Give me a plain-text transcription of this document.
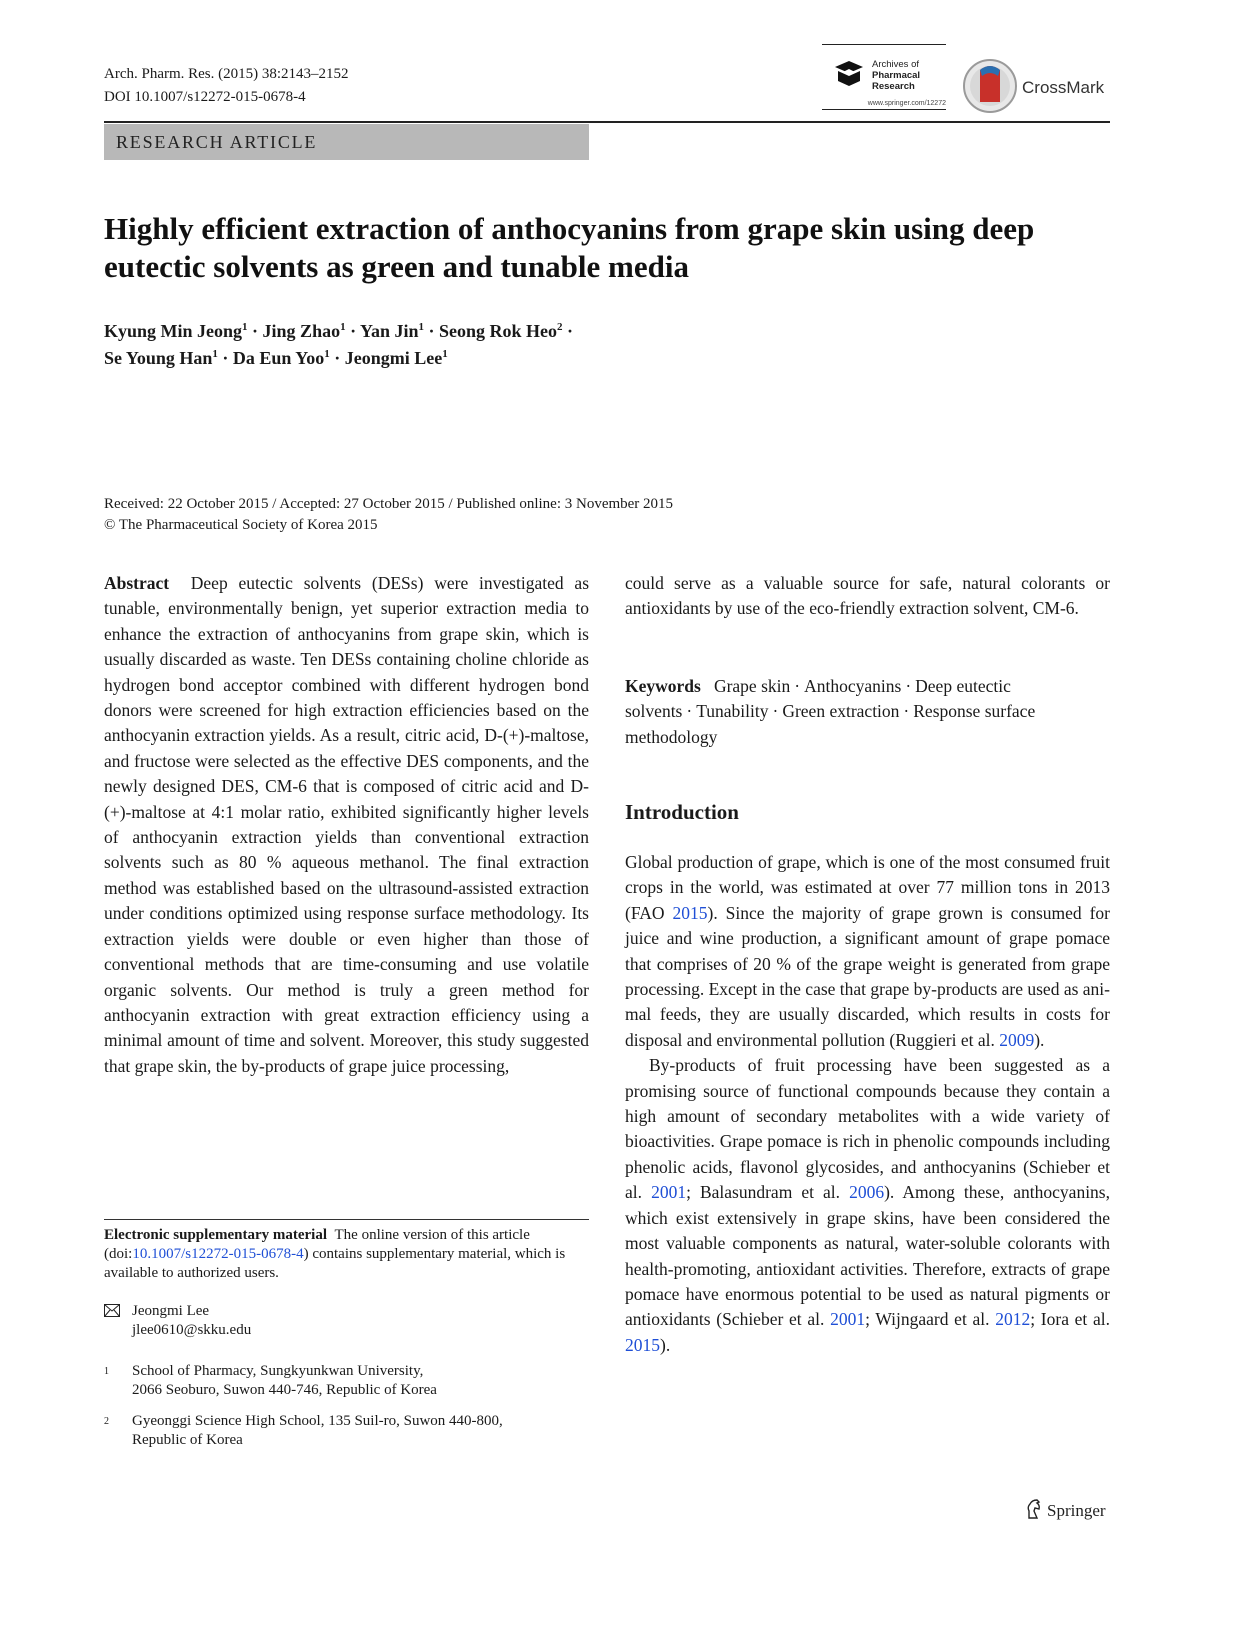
Arch. Pharm. Res. (2015) 38:2143–2152
DOI 10.1007/s12272-015-0678-4
Archives of
Pharmacal
Research
www.springer.com/12272
CrossMark
RESEARCH ARTICLE
Highly efficient extraction of anthocyanins from grape skin using deep eutectic solvents as green and tunable media
Kyung Min Jeong$^1$ · Jing Zhao$^1$ · Yan Jin$^1$ · Seong Rok Heo$^2$ ·
Se Young Han$^1$ · Da Eun Yoo$^1$ · Jeongmi Lee$^1$
Received: 22 October 2015 / Accepted: 27 October 2015 / Published online: 3 November 2015
© The Pharmaceutical Society of Korea 2015

Abstract Deep eutectic solvents (DESs) were investigated as tunable, environmentally benign, yet superior extraction media to enhance the extraction of anthocyanins from grape skin, which is usually discarded as waste. Ten DESs containing choline chloride as hydrogen bond acceptor combined with different hydrogen bond donors were screened for high extraction efficiencies based on the anthocyanin extraction yields. As a result, citric acid, D-(+)-maltose, and fructose were selected as the effective DES components, and the newly designed DES, CM-6 that is composed of citric acid and D-(+)-maltose at 4:1 molar ratio, exhibited significantly higher levels of anthocyanin extraction yields than conventional extraction solvents such as 80 % aqueous methanol. The final extraction method was established based on the ultrasound-assisted extraction under conditions optimized using response surface methodology. Its extraction yields were double or even higher than those of conventional methods that are time-consuming and use volatile organic solvents. Our method is truly a green method for anthocyanin extraction with great extraction efficiency using a minimal amount of time and solvent. Moreover, this study suggested that grape skin, the by-products of grape juice processing,

Electronic supplementary material The online version of this article (doi:10.1007/s12272-015-0678-4) contains supplementary material, which is available to authorized users.
Jeongmi Lee
jlee0610@skku.edu
1 School of Pharmacy, Sungkyunkwan University,
2066 Seoburo, Suwon 440-746, Republic of Korea
2 Gyeonggi Science High School, 135 Suil-ro, Suwon 440-800,
Republic of Korea

could serve as a valuable source for safe, natural colorants or antioxidants by use of the eco-friendly extraction solvent, CM-6.

Keywords Grape skin · Anthocyanins · Deep eutectic solvents · Tunability · Green extraction · Response surface methodology
Introduction

Global production of grape, which is one of the most consumed fruit crops in the world, was estimated at over 77 million tons in 2013 (FAO 2015). Since the majority of grape grown is consumed for juice and wine production, a significant amount of grape pomace that comprises of 20 % of the grape weight is generated from grape processing. Except in the case that grape by-products are used as animal feeds, they are usually discarded, which results in costs for disposal and environmental pollution (Ruggieri et al. 2009).

By-products of fruit processing have been suggested as a promising source of functional compounds because they contain a high amount of secondary metabolites with a wide variety of bioactivities. Grape pomace is rich in phenolic compounds including phenolic acids, flavonol glycosides, and anthocyanins (Schieber et al. 2001; Balasundram et al. 2006). Among these, anthocyanins, which exist extensively in grape skins, have been considered the most valuable components as natural, water-soluble colorants with health-promoting, antioxidant activities. Therefore, extracts of grape pomace have enormous potential to be used as natural pigments or antioxidants (Schieber et al. 2001; Wijngaard et al. 2012; Iora et al. 2015).

Springer
